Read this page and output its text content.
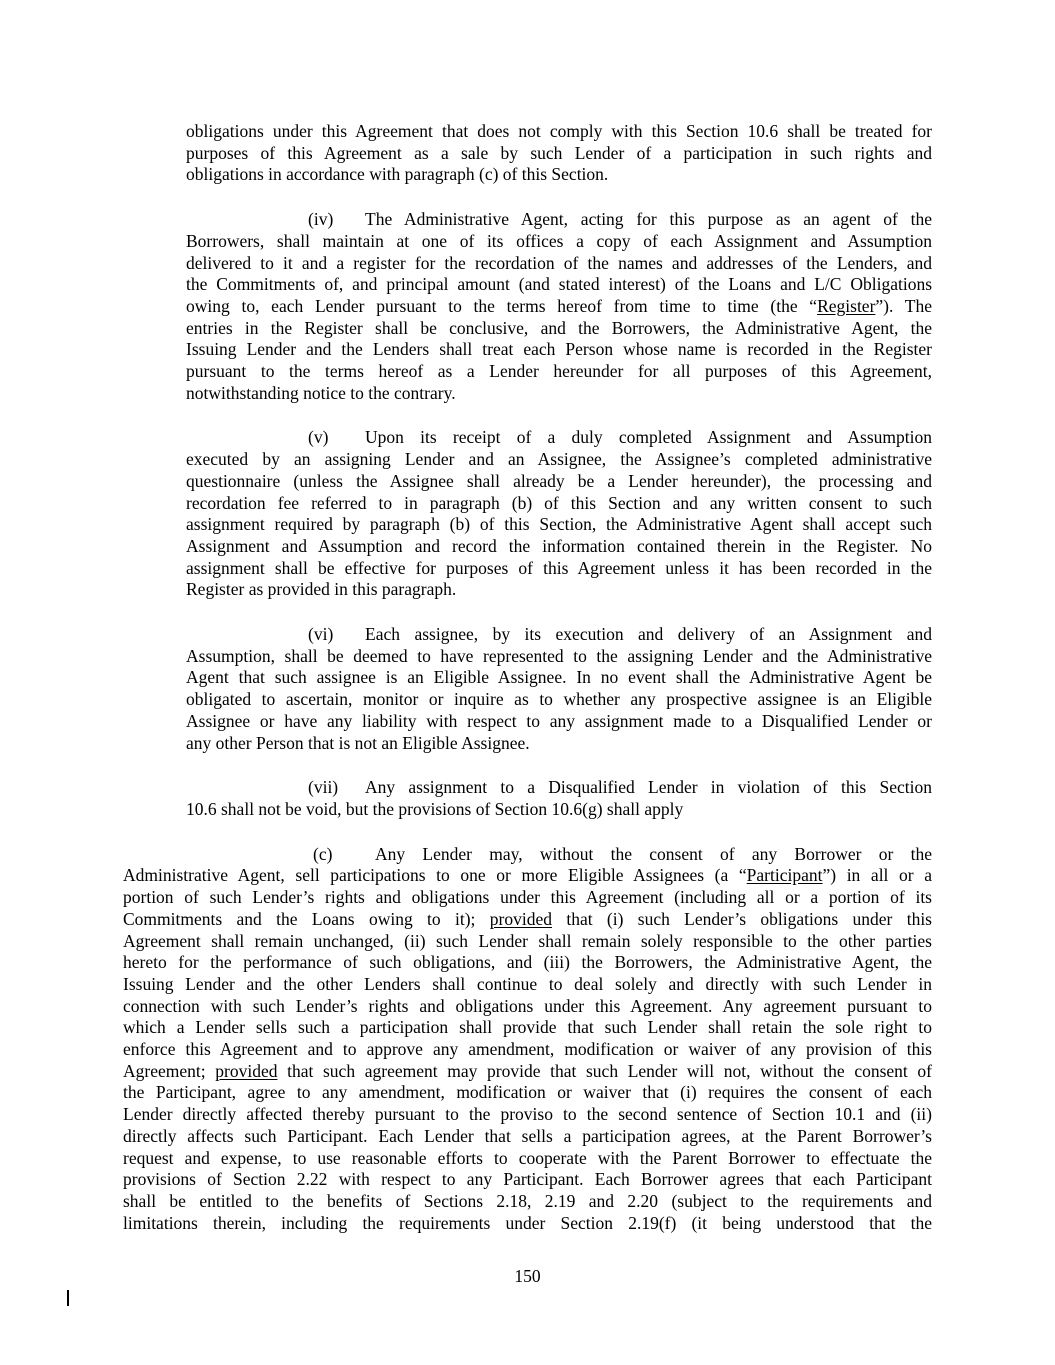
obligations under this Agreement that does not comply with this Section 10.6 shall be treated for
purposes of this Agreement as a sale by such Lender of a participation in such rights and
obligations in accordance with paragraph (c) of this Section.
(iv) The Administrative Agent, acting for this purpose as an agent of the
Borrowers, shall maintain at one of its offices a copy of each Assignment and Assumption
delivered to it and a register for the recordation of the names and addresses of the Lenders, and
the Commitments of, and principal amount (and stated interest) of the Loans and L/C Obligations
owing to, each Lender pursuant to the terms hereof from time to time (the “Register”). The
entries in the Register shall be conclusive, and the Borrowers, the Administrative Agent, the
Issuing Lender and the Lenders shall treat each Person whose name is recorded in the Register
pursuant to the terms hereof as a Lender hereunder for all purposes of this Agreement,
notwithstanding notice to the contrary.
(v) Upon its receipt of a duly completed Assignment and Assumption
executed by an assigning Lender and an Assignee, the Assignee’s completed administrative
questionnaire (unless the Assignee shall already be a Lender hereunder), the processing and
recordation fee referred to in paragraph (b) of this Section and any written consent to such
assignment required by paragraph (b) of this Section, the Administrative Agent shall accept such
Assignment and Assumption and record the information contained therein in the Register. No
assignment shall be effective for purposes of this Agreement unless it has been recorded in the
Register as provided in this paragraph.
(vi) Each assignee, by its execution and delivery of an Assignment and
Assumption, shall be deemed to have represented to the assigning Lender and the Administrative
Agent that such assignee is an Eligible Assignee. In no event shall the Administrative Agent be
obligated to ascertain, monitor or inquire as to whether any prospective assignee is an Eligible
Assignee or have any liability with respect to any assignment made to a Disqualified Lender or
any other Person that is not an Eligible Assignee.
(vii) Any assignment to a Disqualified Lender in violation of this Section
10.6 shall not be void, but the provisions of Section 10.6(g) shall apply
(c) Any Lender may, without the consent of any Borrower or the
Administrative Agent, sell participations to one or more Eligible Assignees (a “Participant”) in all or a
portion of such Lender’s rights and obligations under this Agreement (including all or a portion of its
Commitments and the Loans owing to it); provided that (i) such Lender’s obligations under this
Agreement shall remain unchanged, (ii) such Lender shall remain solely responsible to the other parties
hereto for the performance of such obligations, and (iii) the Borrowers, the Administrative Agent, the
Issuing Lender and the other Lenders shall continue to deal solely and directly with such Lender in
connection with such Lender’s rights and obligations under this Agreement. Any agreement pursuant to
which a Lender sells such a participation shall provide that such Lender shall retain the sole right to
enforce this Agreement and to approve any amendment, modification or waiver of any provision of this
Agreement; provided that such agreement may provide that such Lender will not, without the consent of
the Participant, agree to any amendment, modification or waiver that (i) requires the consent of each
Lender directly affected thereby pursuant to the proviso to the second sentence of Section 10.1 and (ii)
directly affects such Participant. Each Lender that sells a participation agrees, at the Parent Borrower’s
request and expense, to use reasonable efforts to cooperate with the Parent Borrower to effectuate the
provisions of Section 2.22 with respect to any Participant. Each Borrower agrees that each Participant
shall be entitled to the benefits of Sections 2.18, 2.19 and 2.20 (subject to the requirements and
limitations therein, including the requirements under Section 2.19(f) (it being understood that the
150
